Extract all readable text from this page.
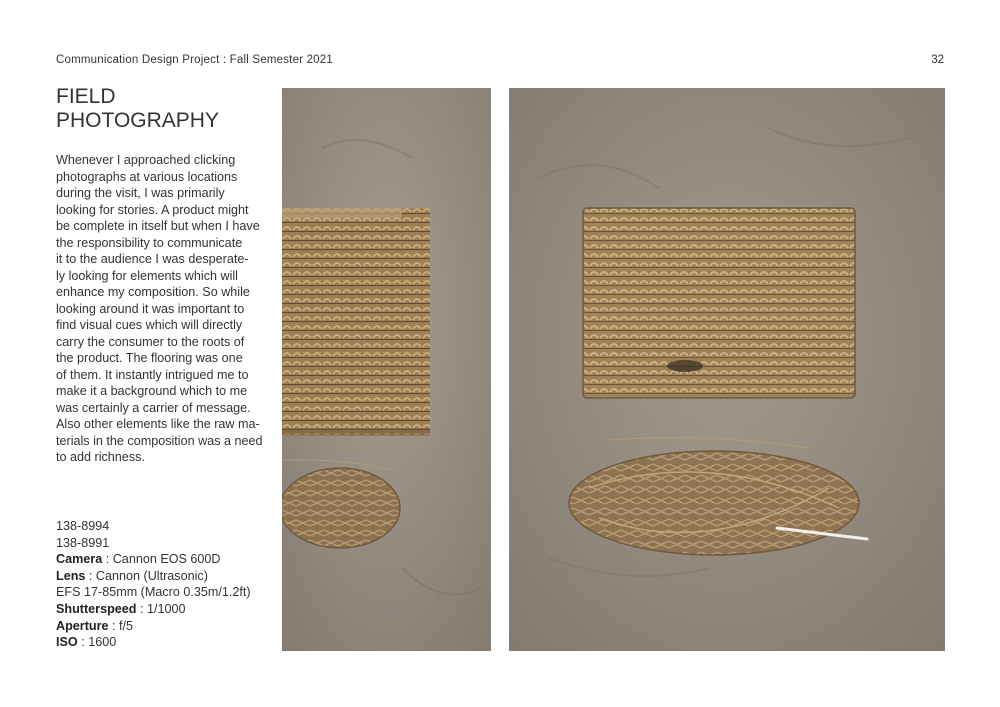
Communication Design Project : Fall Semester 2021	32
FIELD
PHOTOGRAPHY
Whenever I approached clicking
photographs at various locations
during the visit, I was primarily
looking for stories. A product might
be complete in itself but when I have
the responsibility to communicate
it to the audience I was desperate-
ly looking for elements which will
enhance my composition. So while
looking around it was important to
find visual cues which will directly
carry the consumer to the roots of
the product. The flooring was one
of them. It instantly intrigued me to
make it a background which to me
was certainly a carrier of message.
Also other elements like the raw ma-
terials in the composition was a need
to add richness.
138-8994
138-8991
Camera : Cannon EOS 600D
Lens : Cannon (Ultrasonic)
EFS 17-85mm (Macro 0.35m/1.2ft)
Shutterspeed : 1/1000
Aperture : f/5
ISO : 1600
